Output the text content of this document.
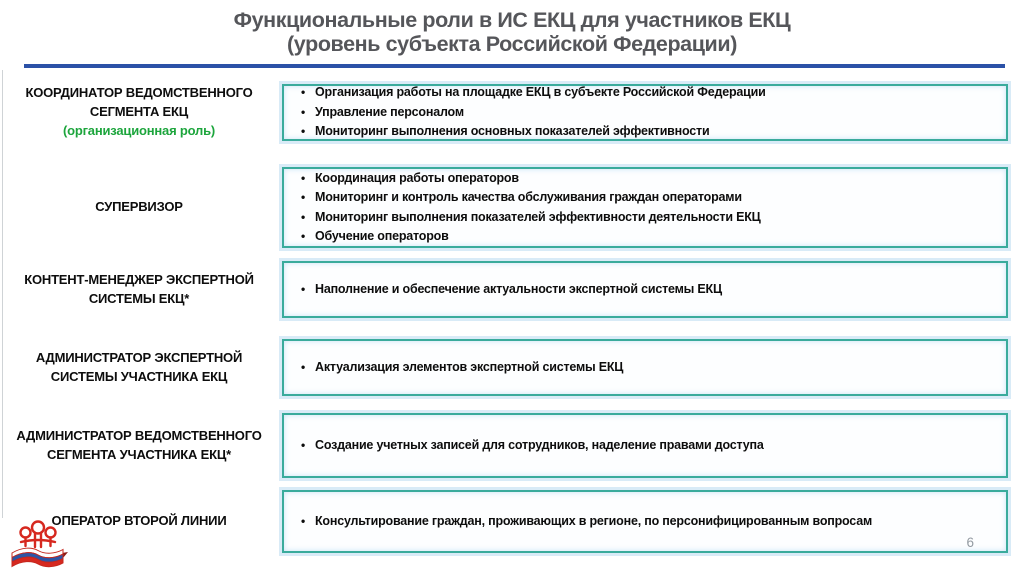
Функциональные роли в ИС ЕКЦ для участников ЕКЦ
(уровень субъекта Российской Федерации)
КООРДИНАТОР ВЕДОМСТВЕННОГО СЕГМЕНТА ЕКЦ
(организационная роль)
• Организация работы на площадке ЕКЦ в субъекте Российской Федерации
• Управление персоналом
• Мониторинг выполнения основных показателей эффективности
СУПЕРВИЗОР
• Координация работы операторов
• Мониторинг и контроль качества обслуживания граждан операторами
• Мониторинг выполнения показателей эффективности деятельности ЕКЦ
• Обучение операторов
КОНТЕНТ-МЕНЕДЖЕР ЭКСПЕРТНОЙ СИСТЕМЫ ЕКЦ*
• Наполнение и обеспечение актуальности экспертной системы ЕКЦ
АДМИНИСТРАТОР ЭКСПЕРТНОЙ СИСТЕМЫ УЧАСТНИКА ЕКЦ
• Актуализация элементов экспертной системы ЕКЦ
АДМИНИСТРАТОР ВЕДОМСТВЕННОГО СЕГМЕНТА УЧАСТНИКА ЕКЦ*
• Создание учетных записей для сотрудников, наделение правами доступа
ОПЕРАТОР ВТОРОЙ ЛИНИИ	• Консультирование граждан, проживающих в регионе, по персонифицированным вопросам
6
